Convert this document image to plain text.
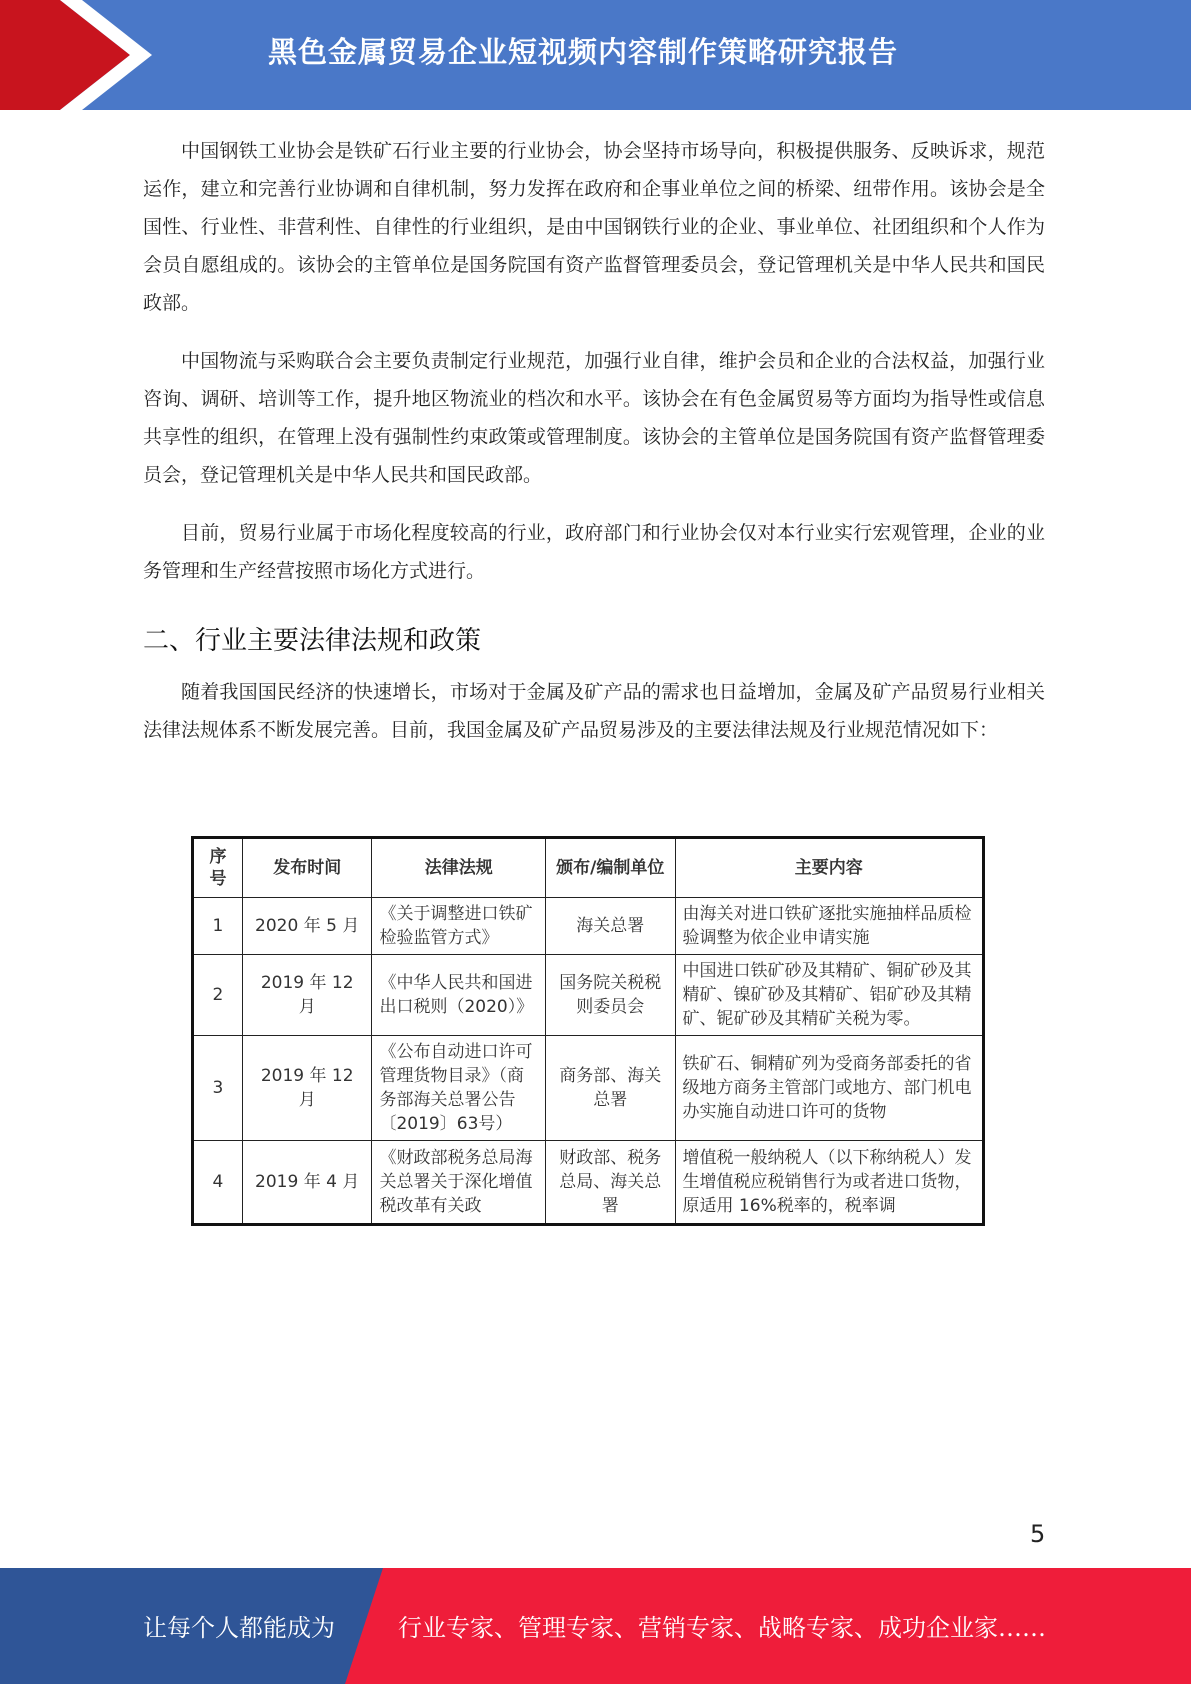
黑色金属贸易企业短视频内容制作策略研究报告

中国钢铁工业协会是铁矿石行业主要的行业协会，协会坚持市场导向，积极提供服务、反映诉求，规范运作，建立和完善行业协调和自律机制，努力发挥在政府和企事业单位之间的桥梁、纽带作用。该协会是全国性、行业性、非营利性、自律性的行业组织，是由中国钢铁行业的企业、事业单位、社团组织和个人作为会员自愿组成的。该协会的主管单位是国务院国有资产监督管理委员会，登记管理机关是中华人民共和国民政部。

中国物流与采购联合会主要负责制定行业规范，加强行业自律，维护会员和企业的合法权益，加强行业咨询、调研、培训等工作，提升地区物流业的档次和水平。该协会在有色金属贸易等方面均为指导性或信息共享性的组织，在管理上没有强制性约束政策或管理制度。该协会的主管单位是国务院国有资产监督管理委员会，登记管理机关是中华人民共和国民政部。

目前，贸易行业属于市场化程度较高的行业，政府部门和行业协会仅对本行业实行宏观管理，企业的业务管理和生产经营按照市场化方式进行。

二、行业主要法律法规和政策

随着我国国民经济的快速增长，市场对于金属及矿产品的需求也日益增加，金属及矿产品贸易行业相关法律法规体系不断发展完善。目前，我国金属及矿产品贸易涉及的主要法律法规及行业规范情况如下：

序号	发布时间	法律法规	颁布/编制单位	主要内容
1	2020 年 5 月	《关于调整进口铁矿检验监管方式》	海关总署	由海关对进口铁矿逐批实施抽样品质检验调整为依企业申请实施
2	2019 年 12 月	《中华人民共和国进出口税则（2020）》	国务院关税税则委员会	中国进口铁矿砂及其精矿、铜矿砂及其精矿、镍矿砂及其精矿、铝矿砂及其精矿、铌矿砂及其精矿关税为零。
3	2019 年 12 月	《公布自动进口许可管理货物目录》（商务部海关总署公告〔2019〕63号）	商务部、海关总署	铁矿石、铜精矿列为受商务部委托的省级地方商务主管部门或地方、部门机电办实施自动进口许可的货物
4	2019 年 4 月	《财政部税务总局海关总署关于深化增值税改革有关政	财政部、税务总局、海关总署	增值税一般纳税人（以下称纳税人）发生增值税应税销售行为或者进口货物，原适用 16%税率的，税率调
5
让每个人都能成为	行业专家、管理专家、营销专家、战略专家、成功企业家……
